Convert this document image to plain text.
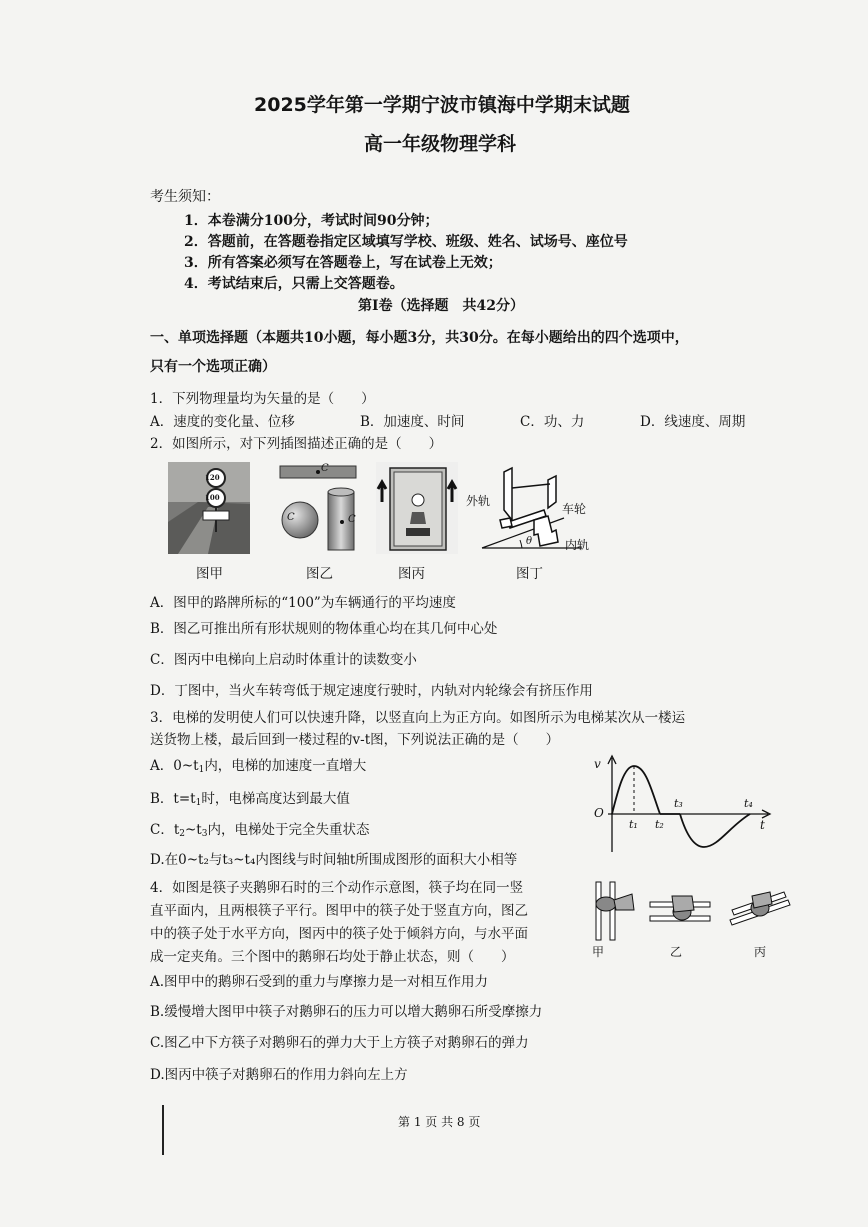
2025学年第一学期宁波市镇海中学期末试题
高一年级物理学科
考生须知：
1．本卷满分100分，考试时间90分钟；
2．答题前，在答题卷指定区域填写学校、班级、姓名、试场号、座位号
3．所有答案必须写在答题卷上，写在试卷上无效；
4．考试结束后，只需上交答题卷。
第Ⅰ卷（选择题　共42分）
一、单项选择题（本题共10小题，每小题3分，共30分。在每小题给出的四个选项中，
只有一个选项正确）
1．下列物理量均为矢量的是（　　）
A．速度的变化量、位移	B．加速度、时间	C．功、力	D．线速度、周期
2．如图所示，对下列插图描述正确的是（　　）
120
100
C
C	C
外轨
车轮
内轨
θ
图甲	图乙	图丙	图丁
A．图甲的路牌所标的“100”为车辆通行的平均速度
B．图乙可推出所有形状规则的物体重心均在其几何中心处
C．图丙中电梯向上启动时体重计的读数变小
D．丁图中，当火车转弯低于规定速度行驶时，内轨对内轮缘会有挤压作用
3．电梯的发明使人们可以快速升降，以竖直向上为正方向。如图所示为电梯某次从一楼运
送货物上楼，最后回到一楼过程的v-t图，下列说法正确的是（　　）
A．$0\sim t_1$内，电梯的加速度一直增大
B．$t=t_1$时，电梯高度达到最大值
C．$t_2\sim t_3$内，电梯处于完全失重状态
D.在0~t₂与t₃~t₄内图线与时间轴t所围成图形的面积大小相等
v
O
t
t₁ t₂
t₃	t₄
4．如图是筷子夹鹅卵石时的三个动作示意图，筷子均在同一竖
直平面内，且两根筷子平行。图甲中的筷子处于竖直方向，图乙
中的筷子处于水平方向，图丙中的筷子处于倾斜方向，与水平面
成一定夹角。三个图中的鹅卵石均处于静止状态，则（　　）	甲	乙	丙
A.图甲中的鹅卵石受到的重力与摩擦力是一对相互作用力
B.缓慢增大图甲中筷子对鹅卵石的压力可以增大鹅卵石所受摩擦力
C.图乙中下方筷子对鹅卵石的弹力大于上方筷子对鹅卵石的弹力
D.图丙中筷子对鹅卵石的作用力斜向左上方
第 1 页 共 8 页
